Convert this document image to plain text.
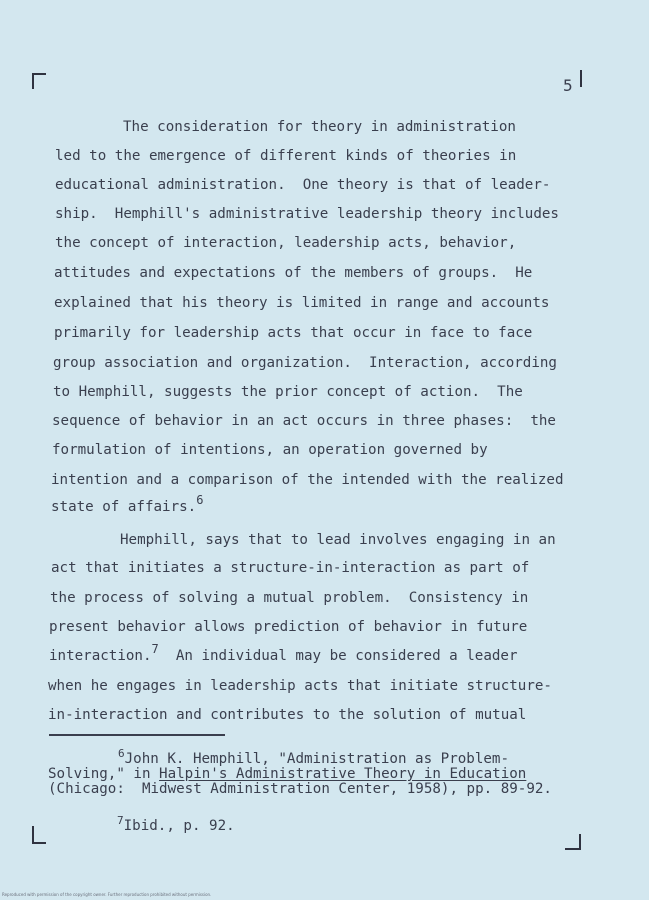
5
The consideration for theory in administration
led to the emergence of different kinds of theories in
educational administration.  One theory is that of leader-
ship.  Hemphill's administrative leadership theory includes
the concept of interaction, leadership acts, behavior,
attitudes and expectations of the members of groups.  He
explained that his theory is limited in range and accounts
primarily for leadership acts that occur in face to face
group association and organization.  Interaction, according
to Hemphill, suggests the prior concept of action.  The
sequence of behavior in an act occurs in three phases:  the
formulation of intentions, an operation governed by
intention and a comparison of the intended with the realized
state of affairs.$^6$
Hemphill, says that to lead involves engaging in an
act that initiates a structure-in-interaction as part of
the process of solving a mutual problem.  Consistency in
present behavior allows prediction of behavior in future
interaction.$^7$ An individual may be considered a leader
when he engages in leadership acts that initiate structure-
in-interaction and contributes to the solution of mutual
$^6$John K. Hemphill, "Administration as Problem-
Solving," in Halpin's Administrative Theory in Education
(Chicago:  Midwest Administration Center, 1958), pp. 89-92.
$^7$Ibid., p. 92.
Reproduced with permission of the copyright owner. Further reproduction prohibited without permission.
